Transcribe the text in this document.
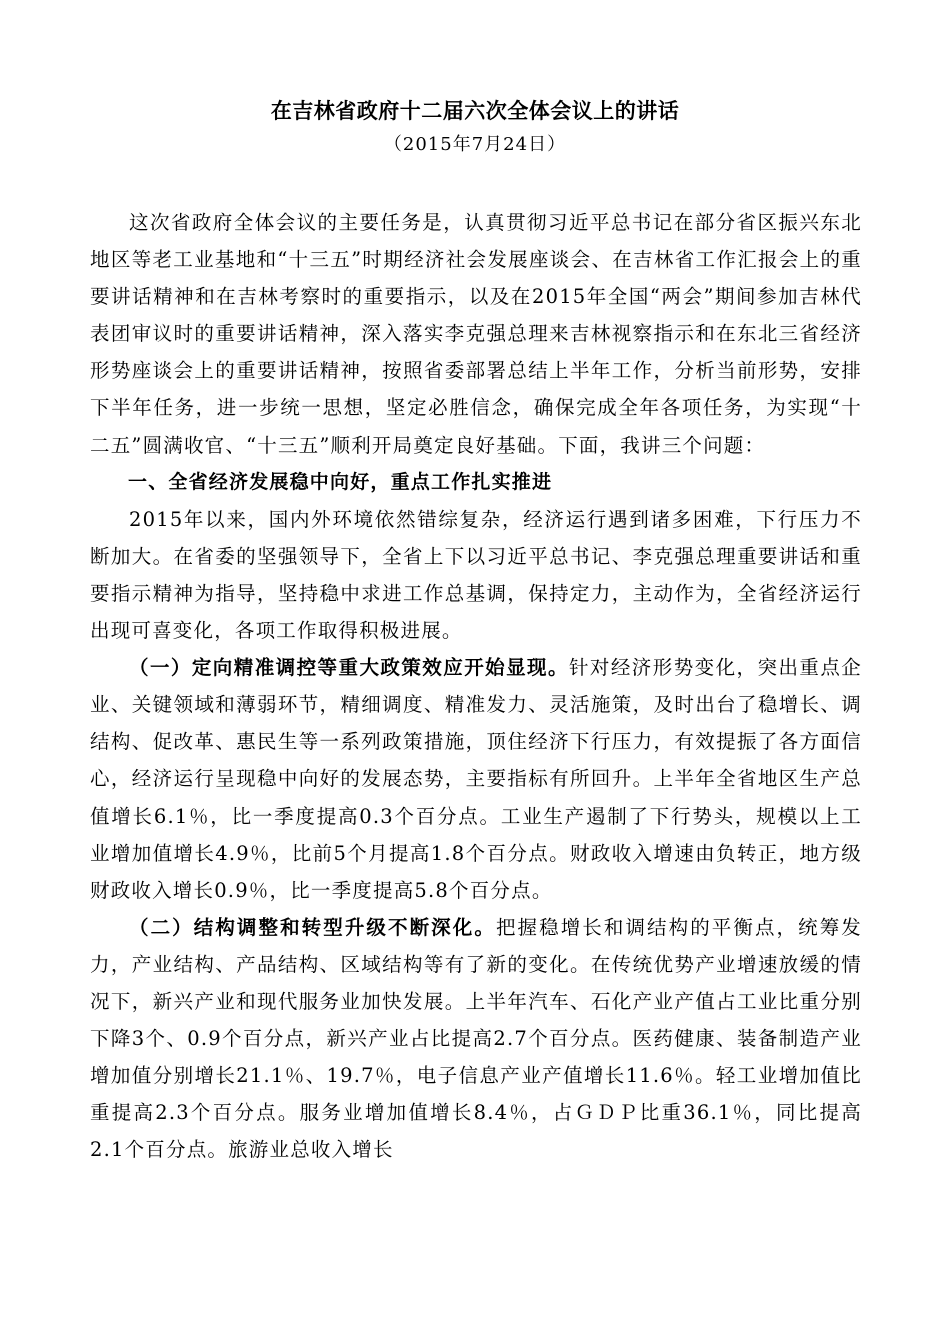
在吉林省政府十二届六次全体会议上的讲话
（2015年7月24日）

这次省政府全体会议的主要任务是，认真贯彻习近平总书记在部分省区振兴东北地区等老工业基地和“十三五”时期经济社会发展座谈会、在吉林省工作汇报会上的重要讲话精神和在吉林考察时的重要指示，以及在2015年全国“两会”期间参加吉林代表团审议时的重要讲话精神，深入落实李克强总理来吉林视察指示和在东北三省经济形势座谈会上的重要讲话精神，按照省委部署总结上半年工作，分析当前形势，安排下半年任务，进一步统一思想，坚定必胜信念，确保完成全年各项任务，为实现“十二五”圆满收官、“十三五”顺利开局奠定良好基础。下面，我讲三个问题：

一、全省经济发展稳中向好，重点工作扎实推进

2015年以来，国内外环境依然错综复杂，经济运行遇到诸多困难，下行压力不断加大。在省委的坚强领导下，全省上下以习近平总书记、李克强总理重要讲话和重要指示精神为指导，坚持稳中求进工作总基调，保持定力，主动作为，全省经济运行出现可喜变化，各项工作取得积极进展。

（一）定向精准调控等重大政策效应开始显现。针对经济形势变化，突出重点企业、关键领域和薄弱环节，精细调度、精准发力、灵活施策，及时出台了稳增长、调结构、促改革、惠民生等一系列政策措施，顶住经济下行压力，有效提振了各方面信心，经济运行呈现稳中向好的发展态势，主要指标有所回升。上半年全省地区生产总值增长6.1％，比一季度提高0.3个百分点。工业生产遏制了下行势头，规模以上工业增加值增长4.9％，比前5个月提高1.8个百分点。财政收入增速由负转正，地方级财政收入增长0.9％，比一季度提高5.8个百分点。

（二）结构调整和转型升级不断深化。把握稳增长和调结构的平衡点，统筹发力，产业结构、产品结构、区域结构等有了新的变化。在传统优势产业增速放缓的情况下，新兴产业和现代服务业加快发展。上半年汽车、石化产业产值占工业比重分别下降3个、0.9个百分点，新兴产业占比提高2.7个百分点。医药健康、装备制造产业增加值分别增长21.1％、19.7％，电子信息产业产值增长11.6％。轻工业增加值比重提高2.3个百分点。服务业增加值增长8.4％，占ＧＤＰ比重36.1％，同比提高2.1个百分点。旅游业总收入增长
